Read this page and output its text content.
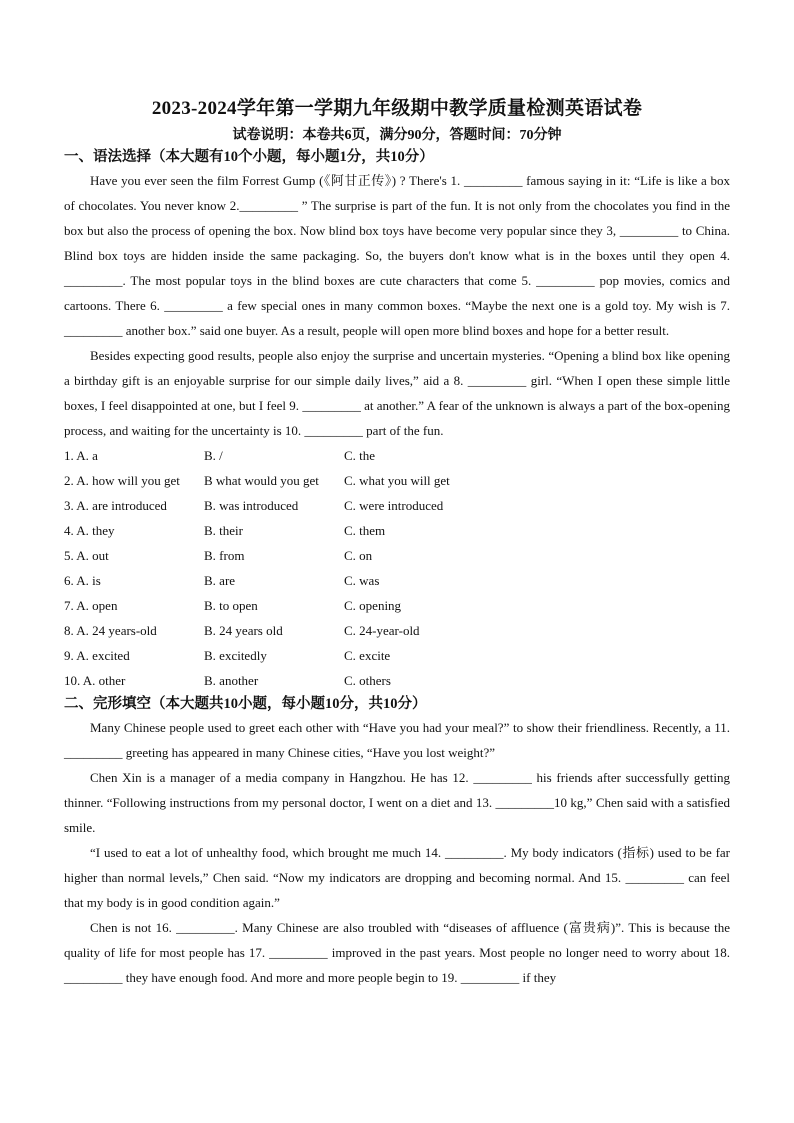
2023-2024学年第一学期九年级期中教学质量检测英语试卷
试卷说明：本卷共6页，满分90分，答题时间：70分钟
一、语法选择（本大题有10个小题，每小题1分，共10分）

Have you ever seen the film Forrest Gump (《阿甘正传》) ? There's 1. _________ famous saying in it: “Life is like a box of chocolates. You never know 2._________ ” The surprise is part of the fun. It is not only from the chocolates you find in the box but also the process of opening the box. Now blind box toys have become very popular since they 3, _________ to China. Blind box toys are hidden inside the same packaging. So, the buyers don't know what is in the boxes until they open 4. _________. The most popular toys in the blind boxes are cute characters that come 5. _________ pop movies, comics and cartoons. There 6. _________ a few special ones in many common boxes. “Maybe the next one is a gold toy. My wish is 7. _________ another box.” said one buyer. As a result, people will open more blind boxes and hope for a better result.

Besides expecting good results, people also enjoy the surprise and uncertain mysteries. “Opening a blind box like opening a birthday gift is an enjoyable surprise for our simple daily lives,” aid a 8. _________ girl. “When I open these simple little boxes, I feel disappointed at one, but I feel 9. _________ at another.” A fear of the unknown is always a part of the box-opening process, and waiting for the uncertainty is 10. _________ part of the fun.

1. A. a	B. /	C. the
2. A. how will you get	B what would you get	C. what you will get
3. A. are introduced	B. was introduced	C. were introduced
4. A. they	B. their	C. them
5. A. out	B. from	C. on
6. A. is	B. are	C. was
7. A. open	B. to open	C. opening
8. A. 24 years-old	B. 24 years old	C. 24-year-old
9. A. excited	B. excitedly	C. excite
10. A. other	B. another	C. others
二、完形填空（本大题共10小题，每小题10分，共10分）

Many Chinese people used to greet each other with “Have you had your meal?” to show their friendliness. Recently, a 11. _________ greeting has appeared in many Chinese cities, “Have you lost weight?”

Chen Xin is a manager of a media company in Hangzhou. He has 12. _________ his friends after successfully getting thinner. “Following instructions from my personal doctor, I went on a diet and 13. _________10 kg,” Chen said with a satisfied smile.

“I used to eat a lot of unhealthy food, which brought me much 14. _________. My body indicators (指标) used to be far higher than normal levels,” Chen said. “Now my indicators are dropping and becoming normal. And 15. _________ can feel that my body is in good condition again.”

Chen is not 16. _________. Many Chinese are also troubled with “diseases of affluence (富贵病)”. This is because the quality of life for most people has 17. _________ improved in the past years. Most people no longer need to worry about 18. _________ they have enough food. And more and more people begin to 19. _________ if they
